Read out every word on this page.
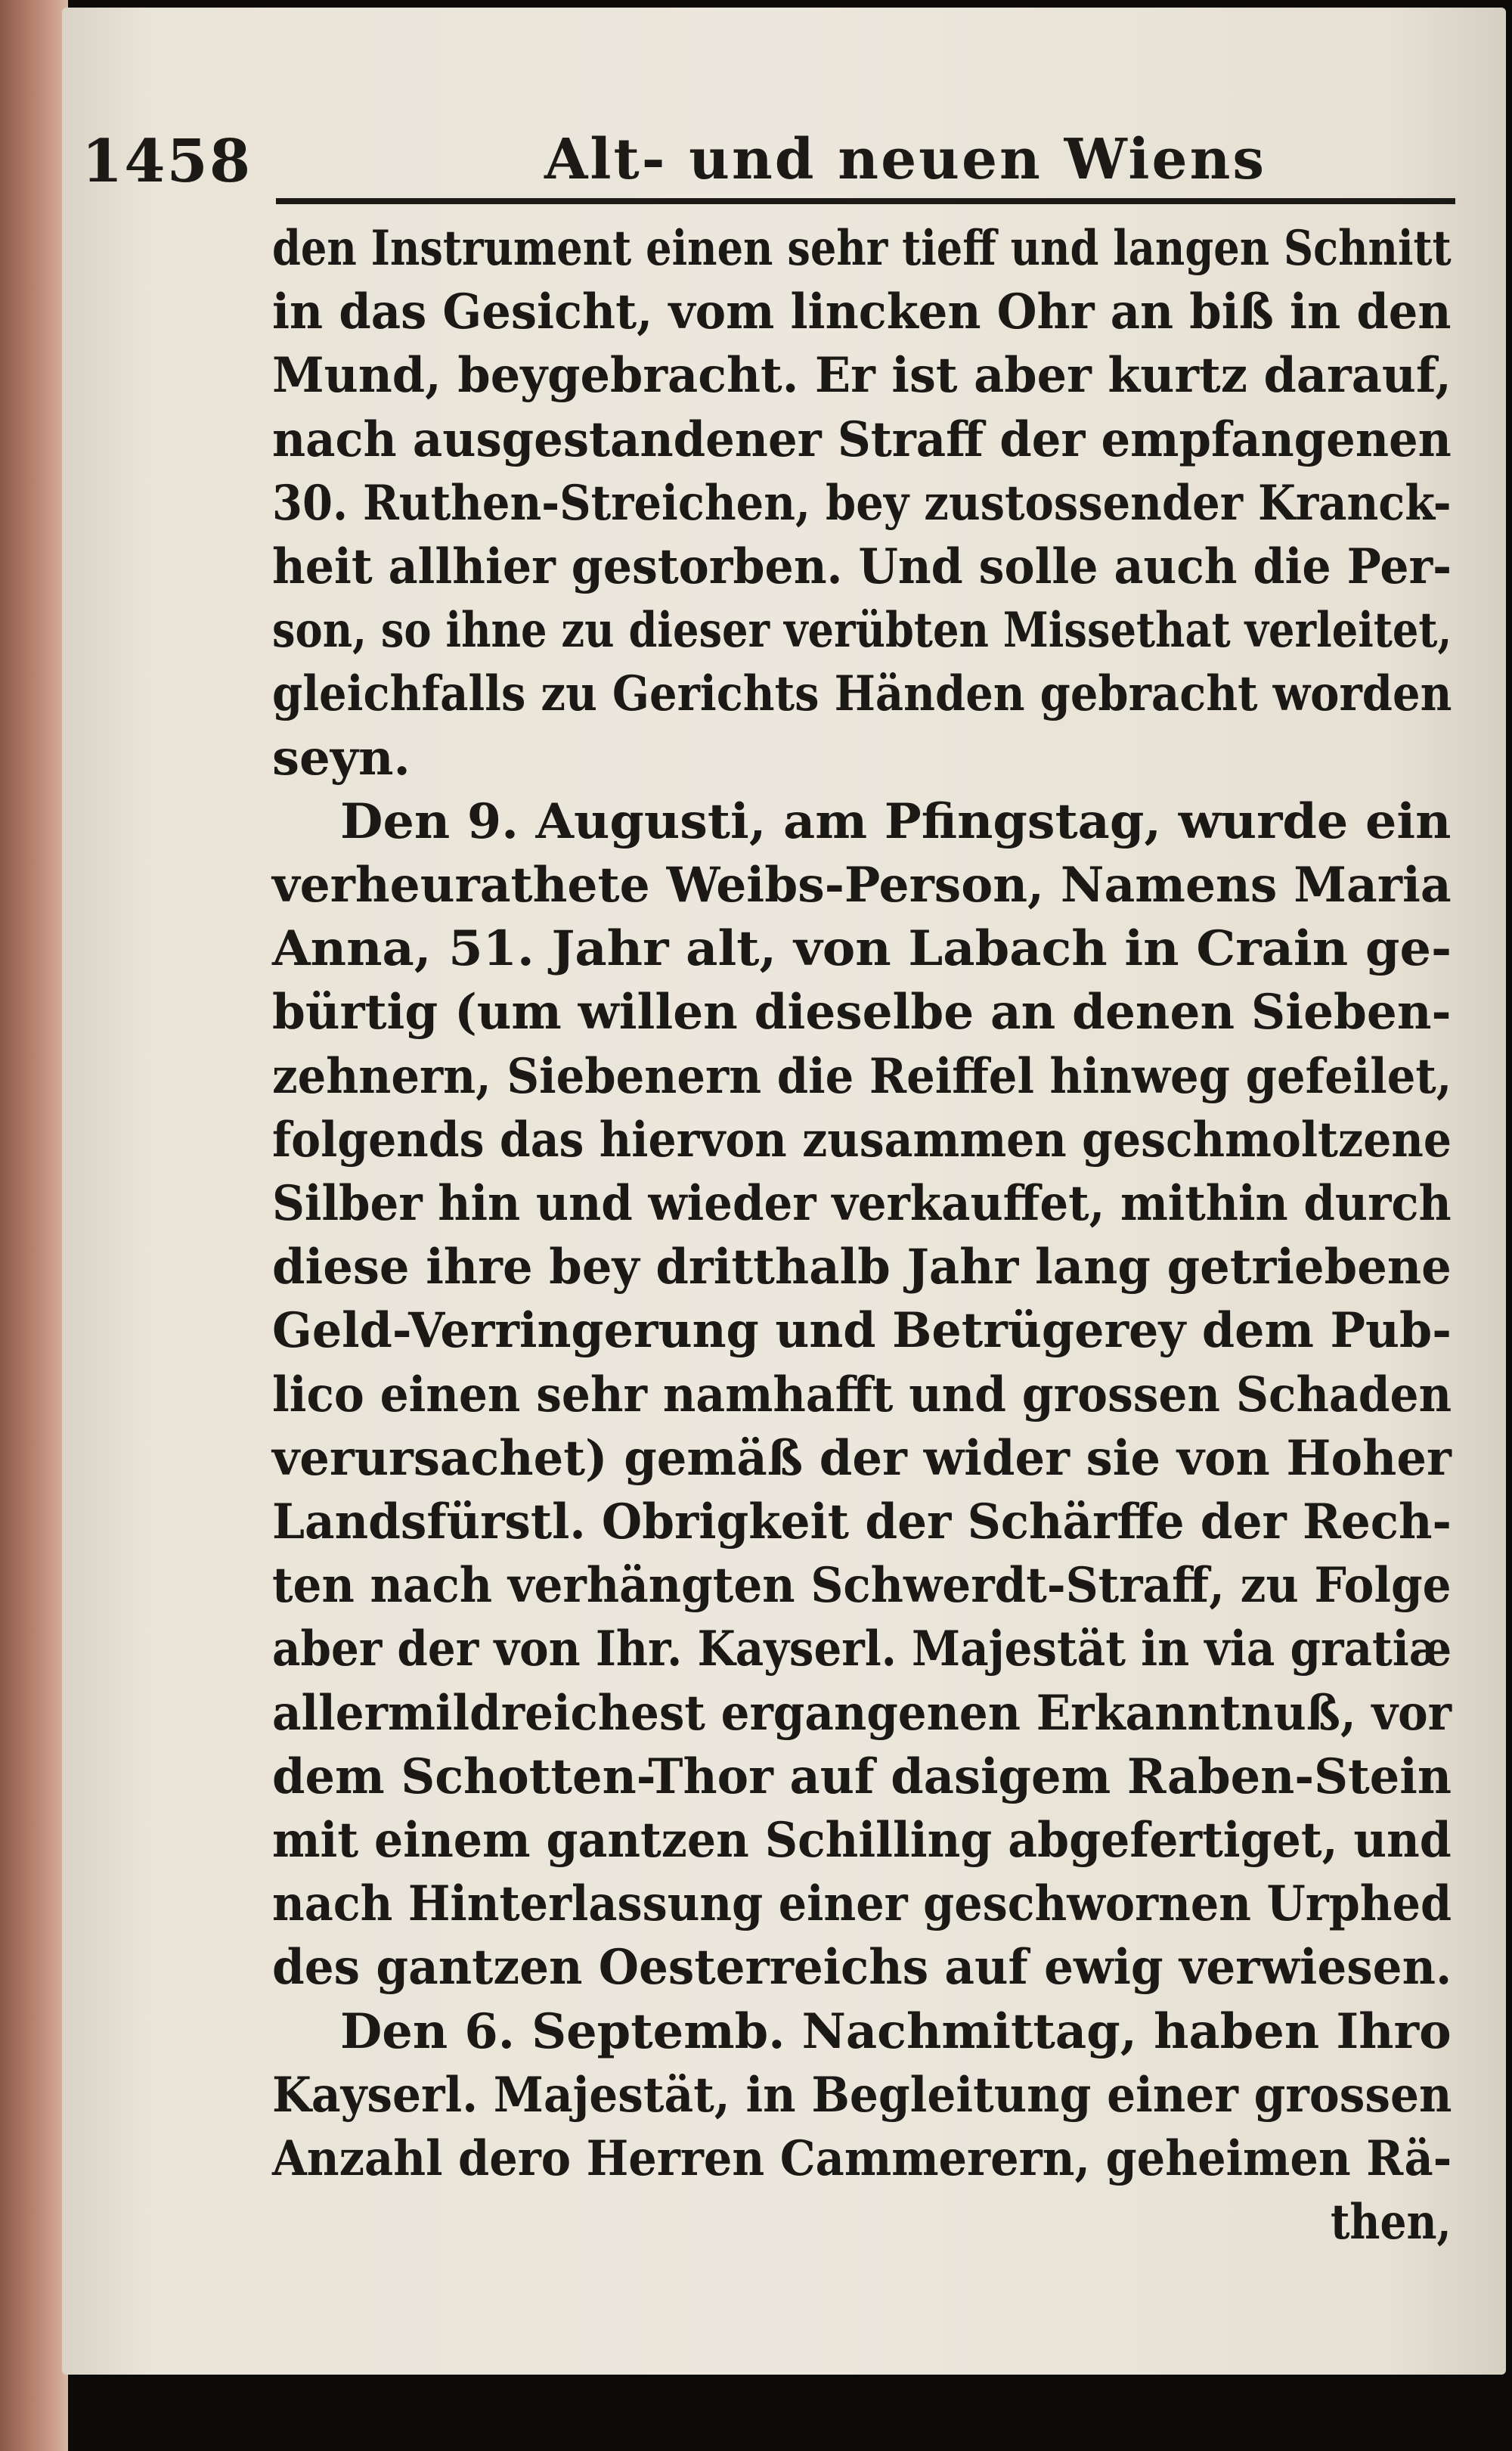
1458	Alt- und neuen Wiens
den Instrument einen sehr tieff und langen Schnitt
in das Gesicht, vom lincken Ohr an biß in den
Mund, beygebracht. Er ist aber kurtz darauf,
nach ausgestandener Straff der empfangenen
30. Ruthen-Streichen, bey zustossender Kranck-
heit allhier gestorben. Und solle auch die Per-
son, so ihne zu dieser verübten Missethat verleitet,
gleichfalls zu Gerichts Händen gebracht worden
seyn.
Den 9. Augusti, am Pfingstag, wurde ein
verheurathete Weibs-Person, Namens Maria
Anna, 51. Jahr alt, von Labach in Crain ge-
bürtig (um willen dieselbe an denen Sieben-
zehnern, Siebenern die Reiffel hinweg gefeilet,
folgends das hiervon zusammen geschmoltzene
Silber hin und wieder verkauffet, mithin durch
diese ihre bey dritthalb Jahr lang getriebene
Geld-Verringerung und Betrügerey dem Pub-
lico einen sehr namhafft und grossen Schaden
verursachet) gemäß der wider sie von Hoher
Landsfürstl. Obrigkeit der Schärffe der Rech-
ten nach verhängten Schwerdt-Straff, zu Folge
aber der von Ihr. Kayserl. Majestät in via gratiæ
allermildreichest ergangenen Erkanntnuß, vor
dem Schotten-Thor auf dasigem Raben-Stein
mit einem gantzen Schilling abgefertiget, und
nach Hinterlassung einer geschwornen Urphed
des gantzen Oesterreichs auf ewig verwiesen.
Den 6. Septemb. Nachmittag, haben Ihro
Kayserl. Majestät, in Begleitung einer grossen
Anzahl dero Herren Cammerern, geheimen Rä-
then,
